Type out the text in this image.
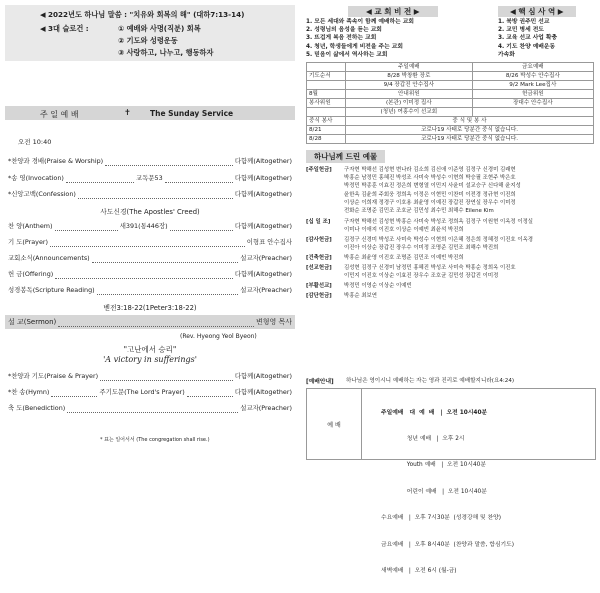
◀ 2022년도 하나님 말씀 : "치유와 회복의 해" (대하7:13-14)
◀ 3대 슬로건 :	① 예배와 사명(직분) 회복
② 기도와 성령운동
③ 사랑하고, 나누고, 행동하자
주 일 예 배	✝	The Sunday Service
오전 10:40
*찬양과 경배(Praise & Worship)	다함께(Altogether)
*송 영(Invocation)	교독문53	다함께(Altogether)
*신앙고백(Confession)	다함께(Altogether)
사도신경(The Apostles' Creed)
찬 양(Anthem)	새391(통446장)	다함께(Altogether)
기 도(Prayer)	이형표 안수집사
교회소식(Announcements)	설교자(Preacher)
헌 금(Offering)	다함께(Altogether)
성경봉독(Scripture Reading)	설교자(Preacher)
벧전3:18-22(1Peter3:18-22)
설 교(Sermon)	변형영 목사
(Rev. Hyeong Yeol Byeon)
"고난에서 승리"
'A victory in sufferings'
*찬양과 기도(Praise & Prayer)	다함께(Altogether)
*찬 송(Hymn)	주기도문(The Lord's Prayer)	다함께(Altogether)
축 도(Benediction)	설교자(Preacher)
* 표는 일어서서 (The congregation shall rise.)
◀ 교 회 비 전 ▶
1. 모든 세대와 족속이 함께 예배하는 교회
2. 성령님의 음성을 듣는 교회
3. 뜨겁게 복음 전하는 교회
4. 청년, 학생들에게 비전을 주는 교회
5. 믿음이 삶에서 역사하는 교회
◀ 핵 심 사 역 ▶
1. 북방 권주민 선교
2. 교민 병세 전도
3. 교육 선교 사업 확충
4. 기도 찬양 예배운동
가속화
	주일예배	금요예배
기도순서	8/28 박창환 장로	8/26 박성수 안수집사
	9/4 장갑진 안수집사	9/2 Mark Lee집사
8월	안내위원	헌금위원
봉사위원	(본관) 이미정 집사	장대수 안수집사
	(청년) 여홍수이 선교회	
중식 봉사	중 식 및 봉 사
8/21	코로나19 사태로 당분간 중식 없습니다.
8/28	코로나19 사태로 당분간 중식 없습니다.
하나님께 드린 예물
[주일헌금] 구자현 박해선 김성현 변나라 김소희 김신애 이준영 김정구 신경미 김래현
박흥순 남정민 홍혜진 박성조 사미숙 박성수 이현희 박승필 조현주 박은호
박정민 박종훈 이효진 정은희 변형열 이민지 사윤미 설교승구 신다해 윤지성
윤한옥 김윤희 주회웅 정희옥 이정은 이현민 이찬미 이전경 정규현 이진희
이상순 이희재 정경구 이호용 최윤영 이예진 장갑진 장연실 장우수 이미정
전화순 조명준 김민조 조호균 김민성 최수민 최해수 Eilene Kim
[십 일 조]	구자현 박해선 김성현 박흥순 사미숙 박성조 정희옥 김정구 이원현 이옥정 이정실
이미나 이애지 이진호 이상순 이예빈 최윤석 박진희
[감사헌금] 김정구 신경미 박성조 사미숙 박성수 이현희 이은혜 정은희 정혜정 이진호 이옥경
이진아 이상순 장갑진 장우수 이미정 조명준 김민조 최해수 박진희
[건축헌금] 박흥순 최윤영 이진호 조명준 김민조 이예빈 박진희
[선교헌금] 김성현 김정구 신경미 남정민 홍혜진 박성조 사미숙 박흥순 정희옥 이진호
이민지 이진호 이상순 이효진 장우수 조호균 김민성 장갑진 이미정
[부활선교] 박정민 이영순 이상순 이예빈
[감단헌금] 박흥순 최보연
[예배안내] 하나님은 영이시니 예배하는 자는 영과 진리로 예배할지니라(요4:24)
예 배

주일예배   대  예  배   |  오전 10시40분

청년 예배   |  오후 2시

Youth 예배   |  오전 10시40분

어린이 예배   |  오전 10시40분

수요예배   |  오후 7시30분  (성경강해 및 찬양)

금요예배   |  오후 8시40분  (찬양과 말씀, 합심기도)

새벽예배   |  오전 6시 (월-금)
